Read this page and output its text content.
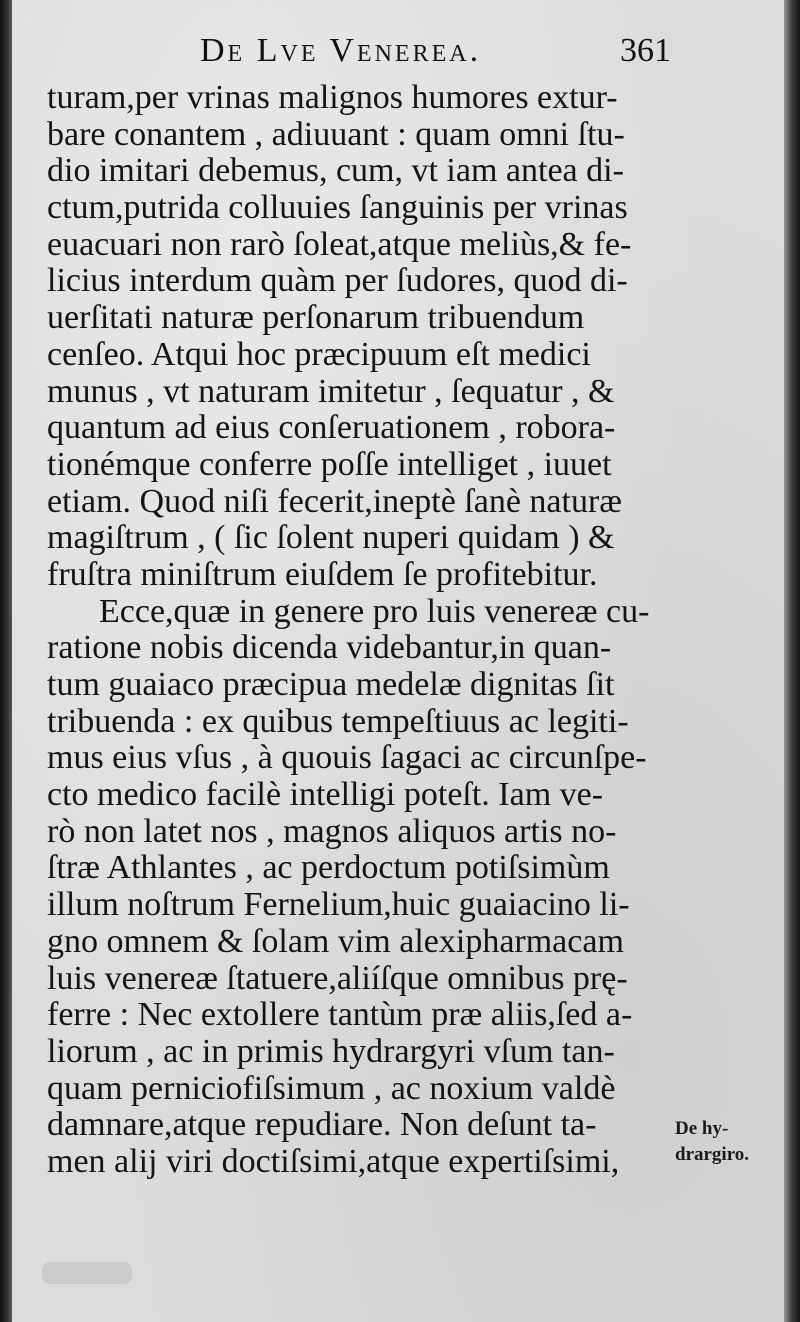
De Lve Venerea.	361
turam,per vrinas malignos humores extur-
bare conantem , adiuuant : quam omni ſtu-
dio imitari debemus, cum, vt iam antea di-
ctum,putrida colluuies ſanguinis per vrinas
euacuari non rarò ſoleat,atque meliùs,& fe-
licius interdum quàm per ſudores, quod di-
uerſitati naturæ perſonarum tribuendum
cenſeo. Atqui hoc præcipuum eſt medici
munus , vt naturam imitetur , ſequatur , &
quantum ad eius conſeruationem , robora-
tionémque conferre poſſe intelliget , iuuet
etiam. Quod niſi fecerit,ineptè ſanè naturæ
magiſtrum , ( ſic ſolent nuperi quidam ) &
fruſtra miniſtrum eiuſdem ſe profitebitur.
Ecce,quæ in genere pro luis venereæ cu-
ratione nobis dicenda videbantur,in quan-
tum guaiaco præcipua medelæ dignitas ſit
tribuenda : ex quibus tempeſtiuus ac legiti-
mus eius vſus , à quouis ſagaci ac circunſpe-
cto medico facilè intelligi poteſt. Iam ve-
rò non latet nos , magnos aliquos artis no-
ſtræ Athlantes , ac perdoctum potiſsimùm
illum noſtrum Fernelium,huic guaiacino li-
gno omnem & ſolam vim alexipharmacam
luis venereæ ſtatuere,aliíſque omnibus prę-
ferre : Nec extollere tantùm præ aliis,ſed a-
liorum , ac in primis hydrargyri vſum tan-
quam perniciofiſsimum , ac noxium valdè
damnare,atque repudiare. Non deſunt ta-
men alij viri doctiſsimi,atque expertiſsimi,
De hy-
drargiro.
